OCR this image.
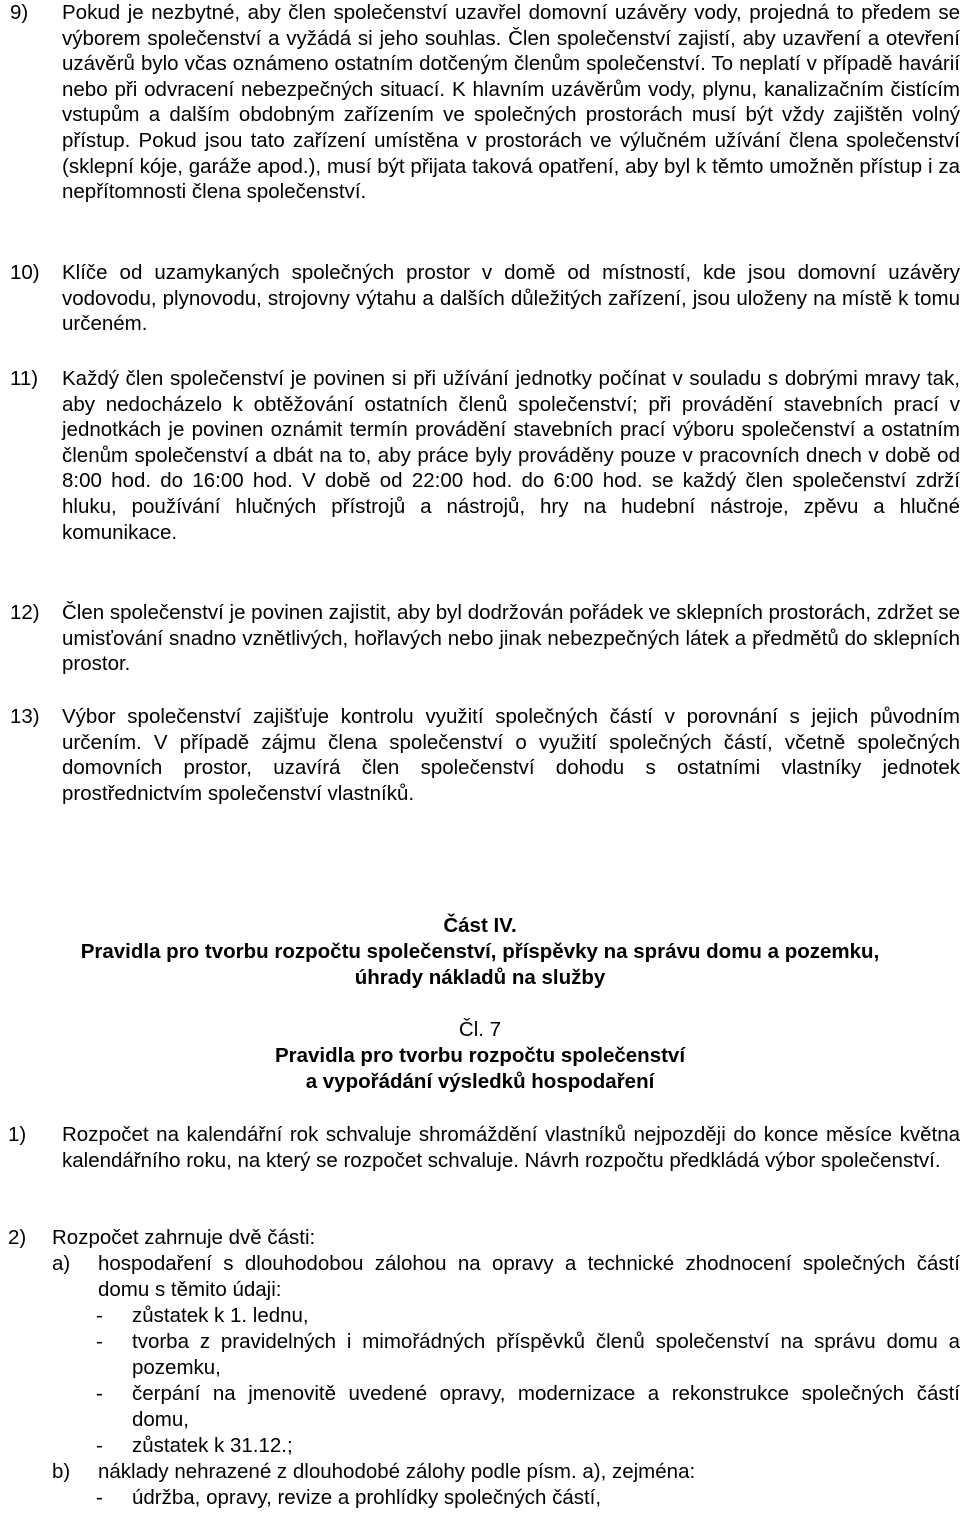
9) Pokud je nezbytné, aby člen společenství uzavřel domovní uzávěry vody, projedná to předem se výborem společenství a vyžádá si jeho souhlas. Člen společenství zajistí, aby uzavření a otevření uzávěrů bylo včas oznámeno ostatním dotčeným členům společenství. To neplatí v případě havárií nebo při odvracení nebezpečných situací. K hlavním uzávěrům vody, plynu, kanalizačním čistícím vstupům a dalším obdobným zařízením ve společných prostorách musí být vždy zajištěn volný přístup. Pokud jsou tato zařízení umístěna v prostorách ve výlučném užívání člena společenství (sklepní kóje, garáže apod.), musí být přijata taková opatření, aby byl k těmto umožněn přístup i za nepřítomnosti člena společenství.
10) Klíče od uzamykaných společných prostor v domě od místností, kde jsou domovní uzávěry vodovodu, plynovodu, strojovny výtahu a dalších důležitých zařízení, jsou uloženy na místě k tomu určeném.
11) Každý člen společenství je povinen si při užívání jednotky počínat v souladu s dobrými mravy tak, aby nedocházelo k obtěžování ostatních členů společenství; při provádění stavebních prací v jednotkách je povinen oznámit termín provádění stavebních prací výboru společenství a ostatním členům společenství a dbát na to, aby práce byly prováděny pouze v pracovních dnech v době od 8:00 hod. do 16:00 hod. V době od 22:00 hod. do 6:00 hod. se každý člen společenství zdrží hluku, používání hlučných přístrojů a nástrojů, hry na hudební nástroje, zpěvu a hlučné komunikace.
12) Člen společenství je povinen zajistit, aby byl dodržován pořádek ve sklepních prostorách, zdržet se umisťování snadno vznětlivých, hořlavých nebo jinak nebezpečných látek a předmětů do sklepních prostor.
13) Výbor společenství zajišťuje kontrolu využití společných částí v porovnání s jejich původním určením. V případě zájmu člena společenství o využití společných částí, včetně společných domovních prostor, uzavírá člen společenství dohodu s ostatními vlastníky jednotek prostřednictvím společenství vlastníků.
Část IV.
Pravidla pro tvorbu rozpočtu společenství, příspěvky na správu domu a pozemku,
úhrady nákladů na služby
Čl. 7
Pravidla pro tvorbu rozpočtu společenství
a vypořádání výsledků hospodaření
1) Rozpočet na kalendářní rok schvaluje shromáždění vlastníků nejpozději do konce měsíce května kalendářního roku, na který se rozpočet schvaluje. Návrh rozpočtu předkládá výbor společenství.
2) Rozpočet zahrnuje dvě části:
a) hospodaření s dlouhodobou zálohou na opravy a technické zhodnocení společných částí domu s těmito údaji:
- zůstatek k 1. lednu,
- tvorba z pravidelných i mimořádných příspěvků členů společenství na správu domu a pozemku,
- čerpání na jmenovitě uvedené opravy, modernizace a rekonstrukce společných částí domu,
- zůstatek k 31.12.;
b) náklady nehrazené z dlouhodobé zálohy podle písm. a), zejména:
- údržba, opravy, revize a prohlídky společných částí,
